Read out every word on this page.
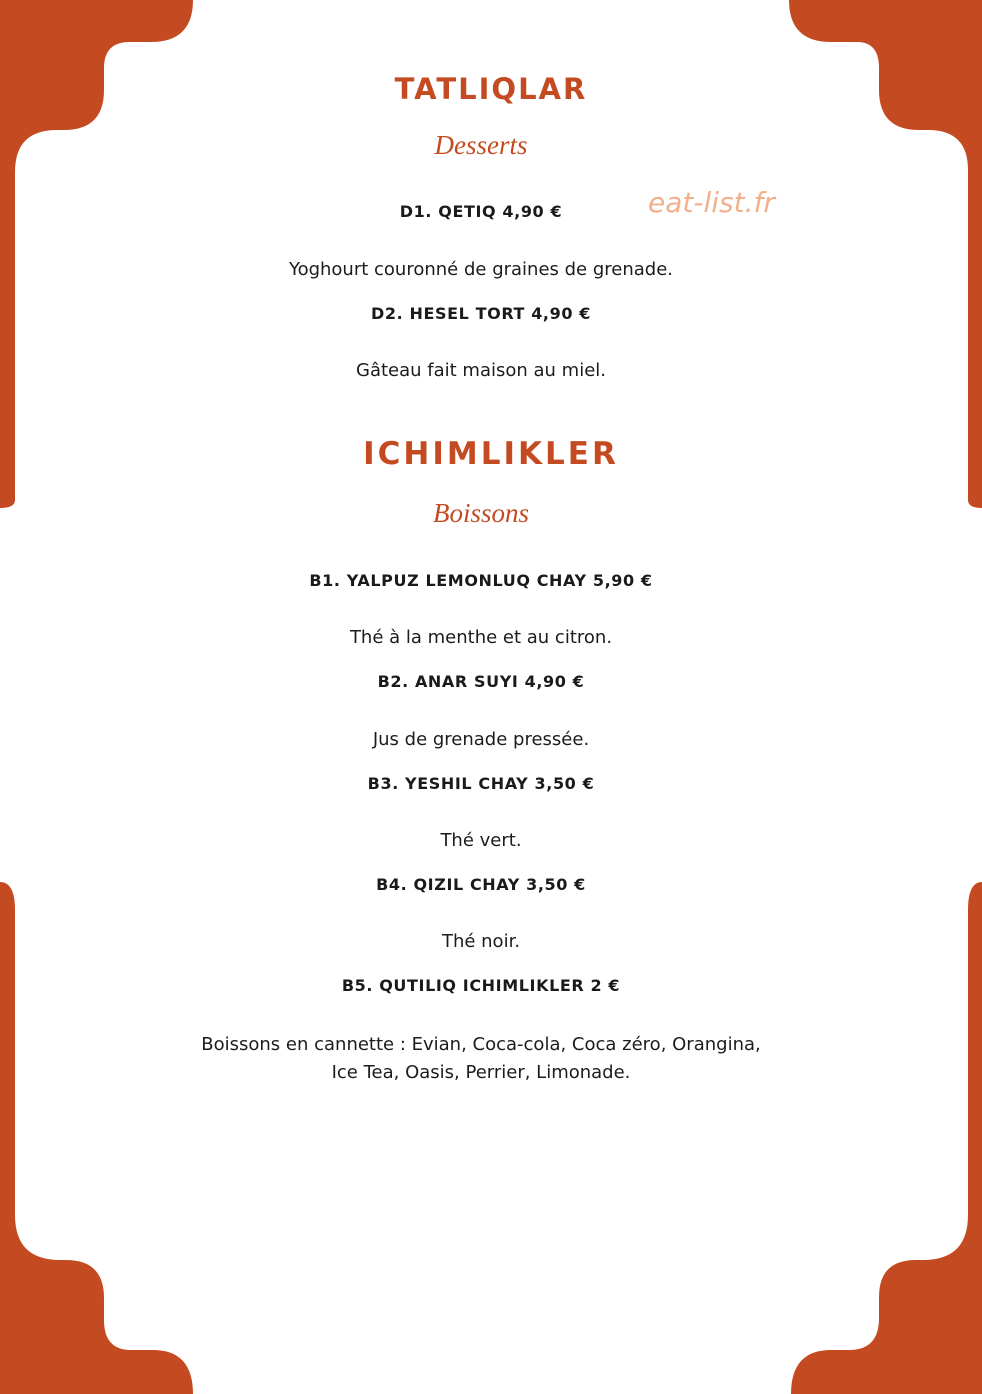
eat-list.fr
TATLIQLAR
Desserts
D1. QETIQ 4,90 €
Yoghourt couronné de graines de grenade.
D2. HESEL TORT 4,90 €
Gâteau fait maison au miel.
ICHIMLIKLER
Boissons
B1. YALPUZ LEMONLUQ CHAY 5,90 €
Thé à la menthe et au citron.
B2. ANAR SUYI 4,90 €
Jus de grenade pressée.
B3. YESHIL CHAY 3,50 €
Thé vert.
B4. QIZIL CHAY 3,50 €
Thé noir.
B5. QUTILIQ ICHIMLIKLER 2 €
Boissons en cannette : Evian, Coca-cola, Coca zéro, Orangina,
Ice Tea, Oasis, Perrier, Limonade.
